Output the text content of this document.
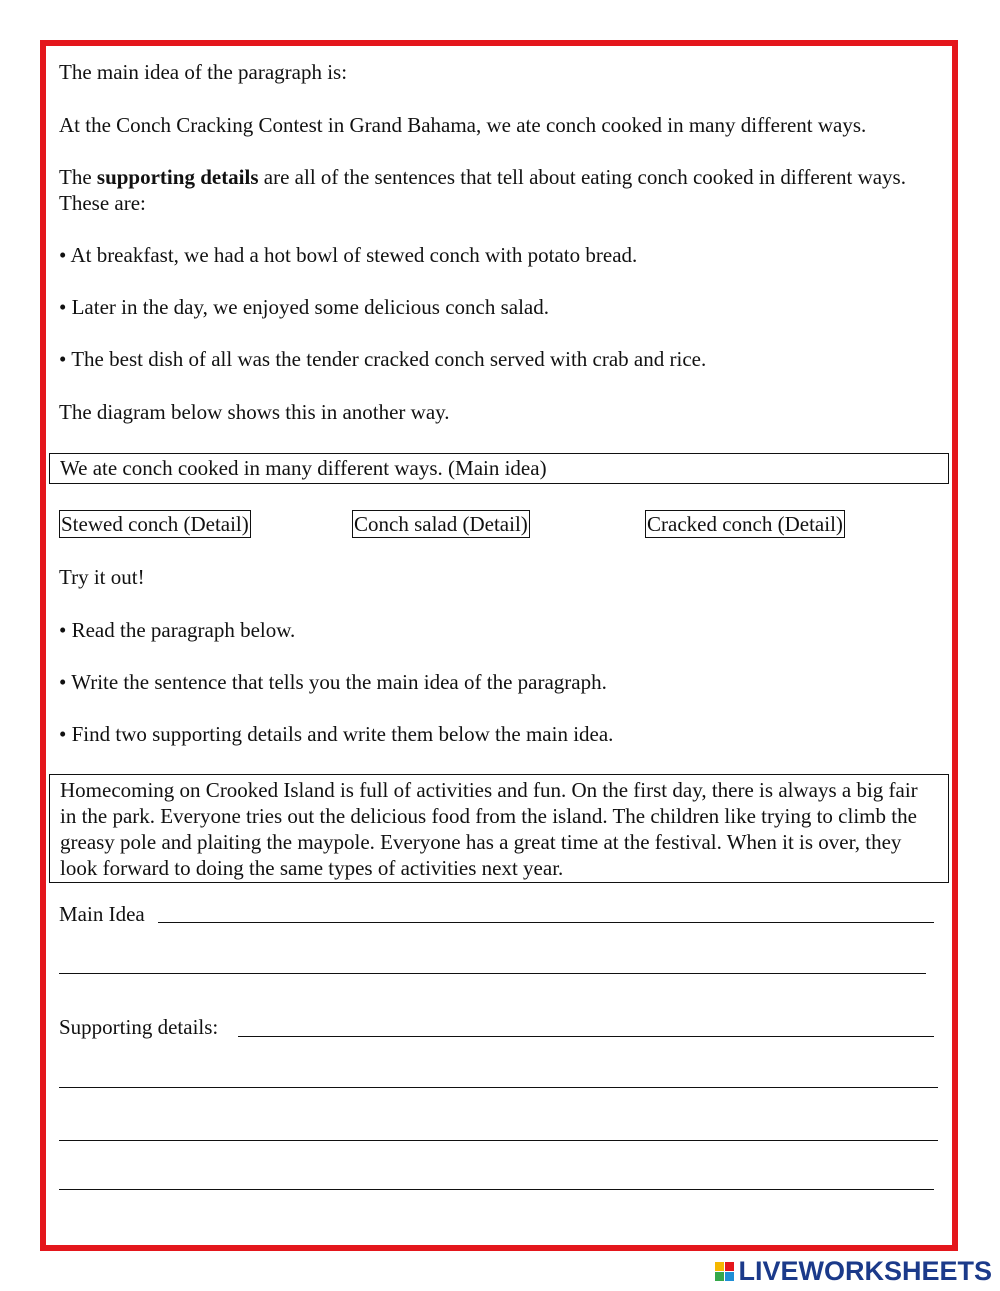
The main idea of the paragraph is:
At the Conch Cracking Contest in Grand Bahama, we ate conch cooked in many different ways.
The supporting details are all of the sentences that tell about eating conch cooked in different ways. These are:
• At breakfast, we had a hot bowl of stewed conch with potato bread.
• Later in the day, we enjoyed some delicious conch salad.
• The best dish of all was the tender cracked conch served with crab and rice.
The diagram below shows this in another way.
We ate conch cooked in many different ways. (Main idea)
Stewed conch (Detail)	Conch salad (Detail)	Cracked conch (Detail)
Try it out!
• Read the paragraph below.
• Write the sentence that tells you the main idea of the paragraph.
• Find two supporting details and write them below the main idea.
Homecoming on Crooked Island is full of activities and fun. On the first day, there is always a big fair in the park. Everyone tries out the delicious food from the island. The children like trying to climb the greasy pole and plaiting the maypole. Everyone has a great time at the festival. When it is over, they look forward to doing the same types of activities next year.
Main Idea
Supporting details:
LIVEWORKSHEETS
